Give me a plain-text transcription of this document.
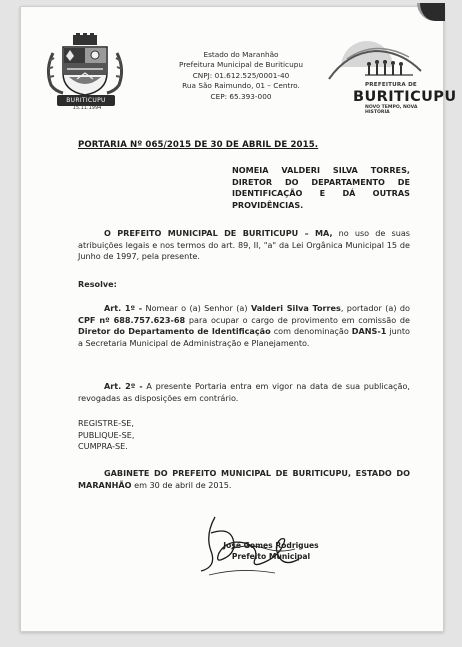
BURITICUPU
15.11.1994
Estado do Maranhão
Prefeitura Municipal de Buriticupu
CNPJ: 01.612.525/0001-40
Rua São Raimundo, 01 – Centro.
CEP: 65.393-000
PREFEITURA DE
BURITICUPU
NOVO TEMPO, NOVA HISTÓRIA
PORTARIA Nº 065/2015 DE 30 DE ABRIL DE 2015.
NOMEIA VALDERI SILVA TORRES, DIRETOR DO DEPARTAMENTO DE IDENTIFICAÇÃO E DÁ OUTRAS PROVIDÊNCIAS.
O PREFEITO MUNICIPAL DE BURITICUPU – MA, no uso de suas atribuições legais e nos termos do art. 89, II, "a" da Lei Orgânica Municipal 15 de Junho de 1997, pela presente.
Resolve:
Art. 1º - Nomear o (a) Senhor (a) Valderi Silva Torres, portador (a) do CPF nº 688.757.623-68 para ocupar o cargo de provimento em comissão de Diretor do Departamento de Identificação com denominação DANS-1 junto a Secretaria Municipal de Administração e Planejamento.
Art. 2º - A presente Portaria entra em vigor na data de sua publicação, revogadas as disposições em contrário.
REGISTRE-SE,
PUBLIQUE-SE,
CUMPRA-SE.
GABINETE DO PREFEITO MUNICIPAL DE BURITICUPU, ESTADO DO MARANHÃO em 30 de abril de 2015.
José Gomes Rodrigues
Prefeito Municipal
